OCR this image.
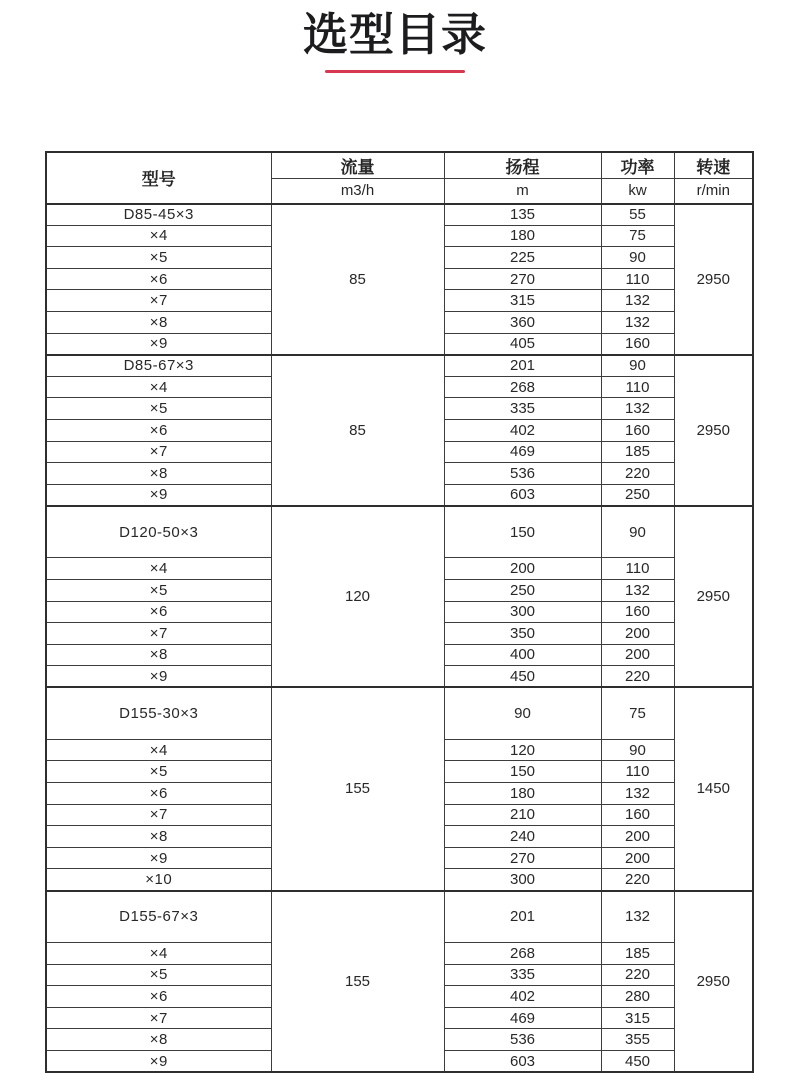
选型目录
型号	流量	扬程	功率	转速
	m3/h	m	kw	r/min
D85-45×3	85	135	55	2950
×4		180	75	
×5		225	90	
×6		270	110	
×7		315	132	
×8		360	132	
×9		405	160	
D85-67×3	85	201	90	2950
×4		268	110	
×5		335	132	
×6		402	160	
×7		469	185	
×8		536	220	
×9		603	250	
D120-50×3	120	150	90	2950
×4		200	110	
×5		250	132	
×6		300	160	
×7		350	200	
×8		400	200	
×9		450	220	
D155-30×3	155	90	75	1450
×4		120	90	
×5		150	110	
×6		180	132	
×7		210	160	
×8		240	200	
×9		270	200	
×10		300	220	
D155-67×3	155	201	132	2950
×4		268	185	
×5		335	220	
×6		402	280	
×7		469	315	
×8		536	355	
×9		603	450	
